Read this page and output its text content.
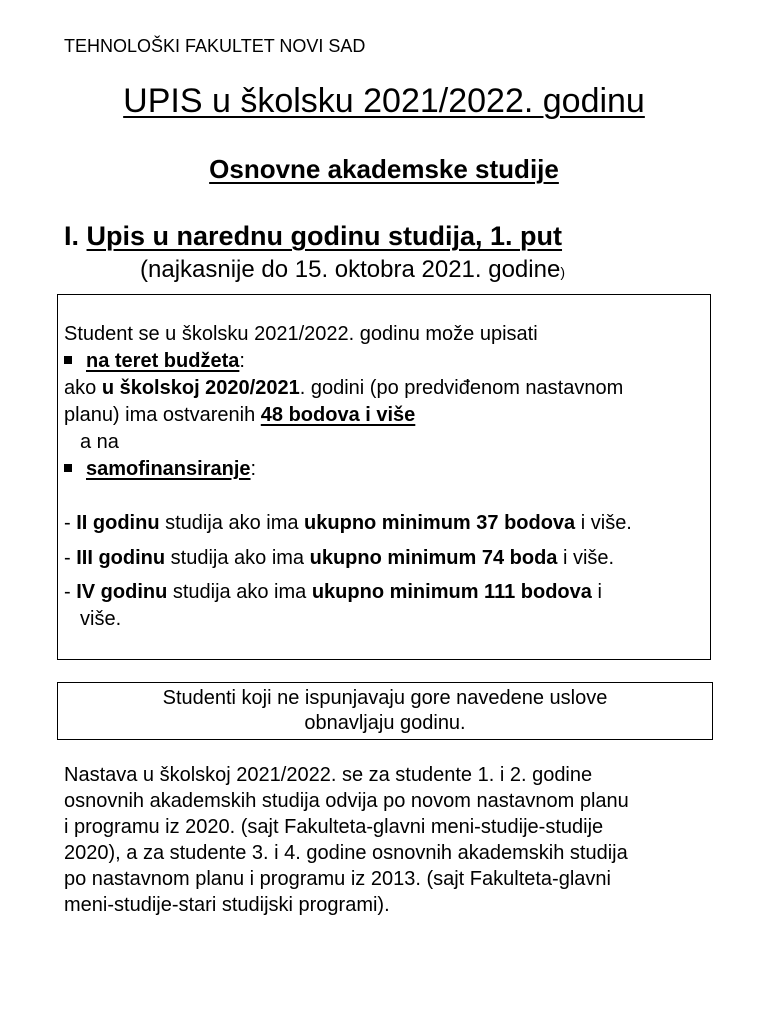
TEHNOLOŠKI FAKULTET NOVI SAD
UPIS u školsku 2021/2022. godinu
Osnovne akademske studije
I. Upis u narednu godinu studija, 1. put
(najkasnije do 15. oktobra 2021. godine)
Student se u školsku 2021/2022. godinu može upisati
na teret budžeta:
ako u školskoj 2020/2021. godini (po predviđenom nastavnom
planu) ima ostvarenih 48 bodova i više
a na
samofinansiranje:
- II godinu studija ako ima ukupno minimum 37 bodova i više.
- III godinu studija ako ima ukupno minimum 74 boda i više.
- IV godinu studija ako ima ukupno minimum 111 bodova i
više.
Studenti koji ne ispunjavaju gore navedene uslove
obnavljaju godinu.
Nastava u školskoj 2021/2022. se za studente 1. i 2. godine
osnovnih akademskih studija odvija po novom nastavnom planu
i programu iz 2020. (sajt Fakulteta-glavni meni-studije-studije
2020), a za studente 3. i 4. godine osnovnih akademskih studija
po nastavnom planu i programu iz 2013. (sajt Fakulteta-glavni
meni-studije-stari studijski programi).
